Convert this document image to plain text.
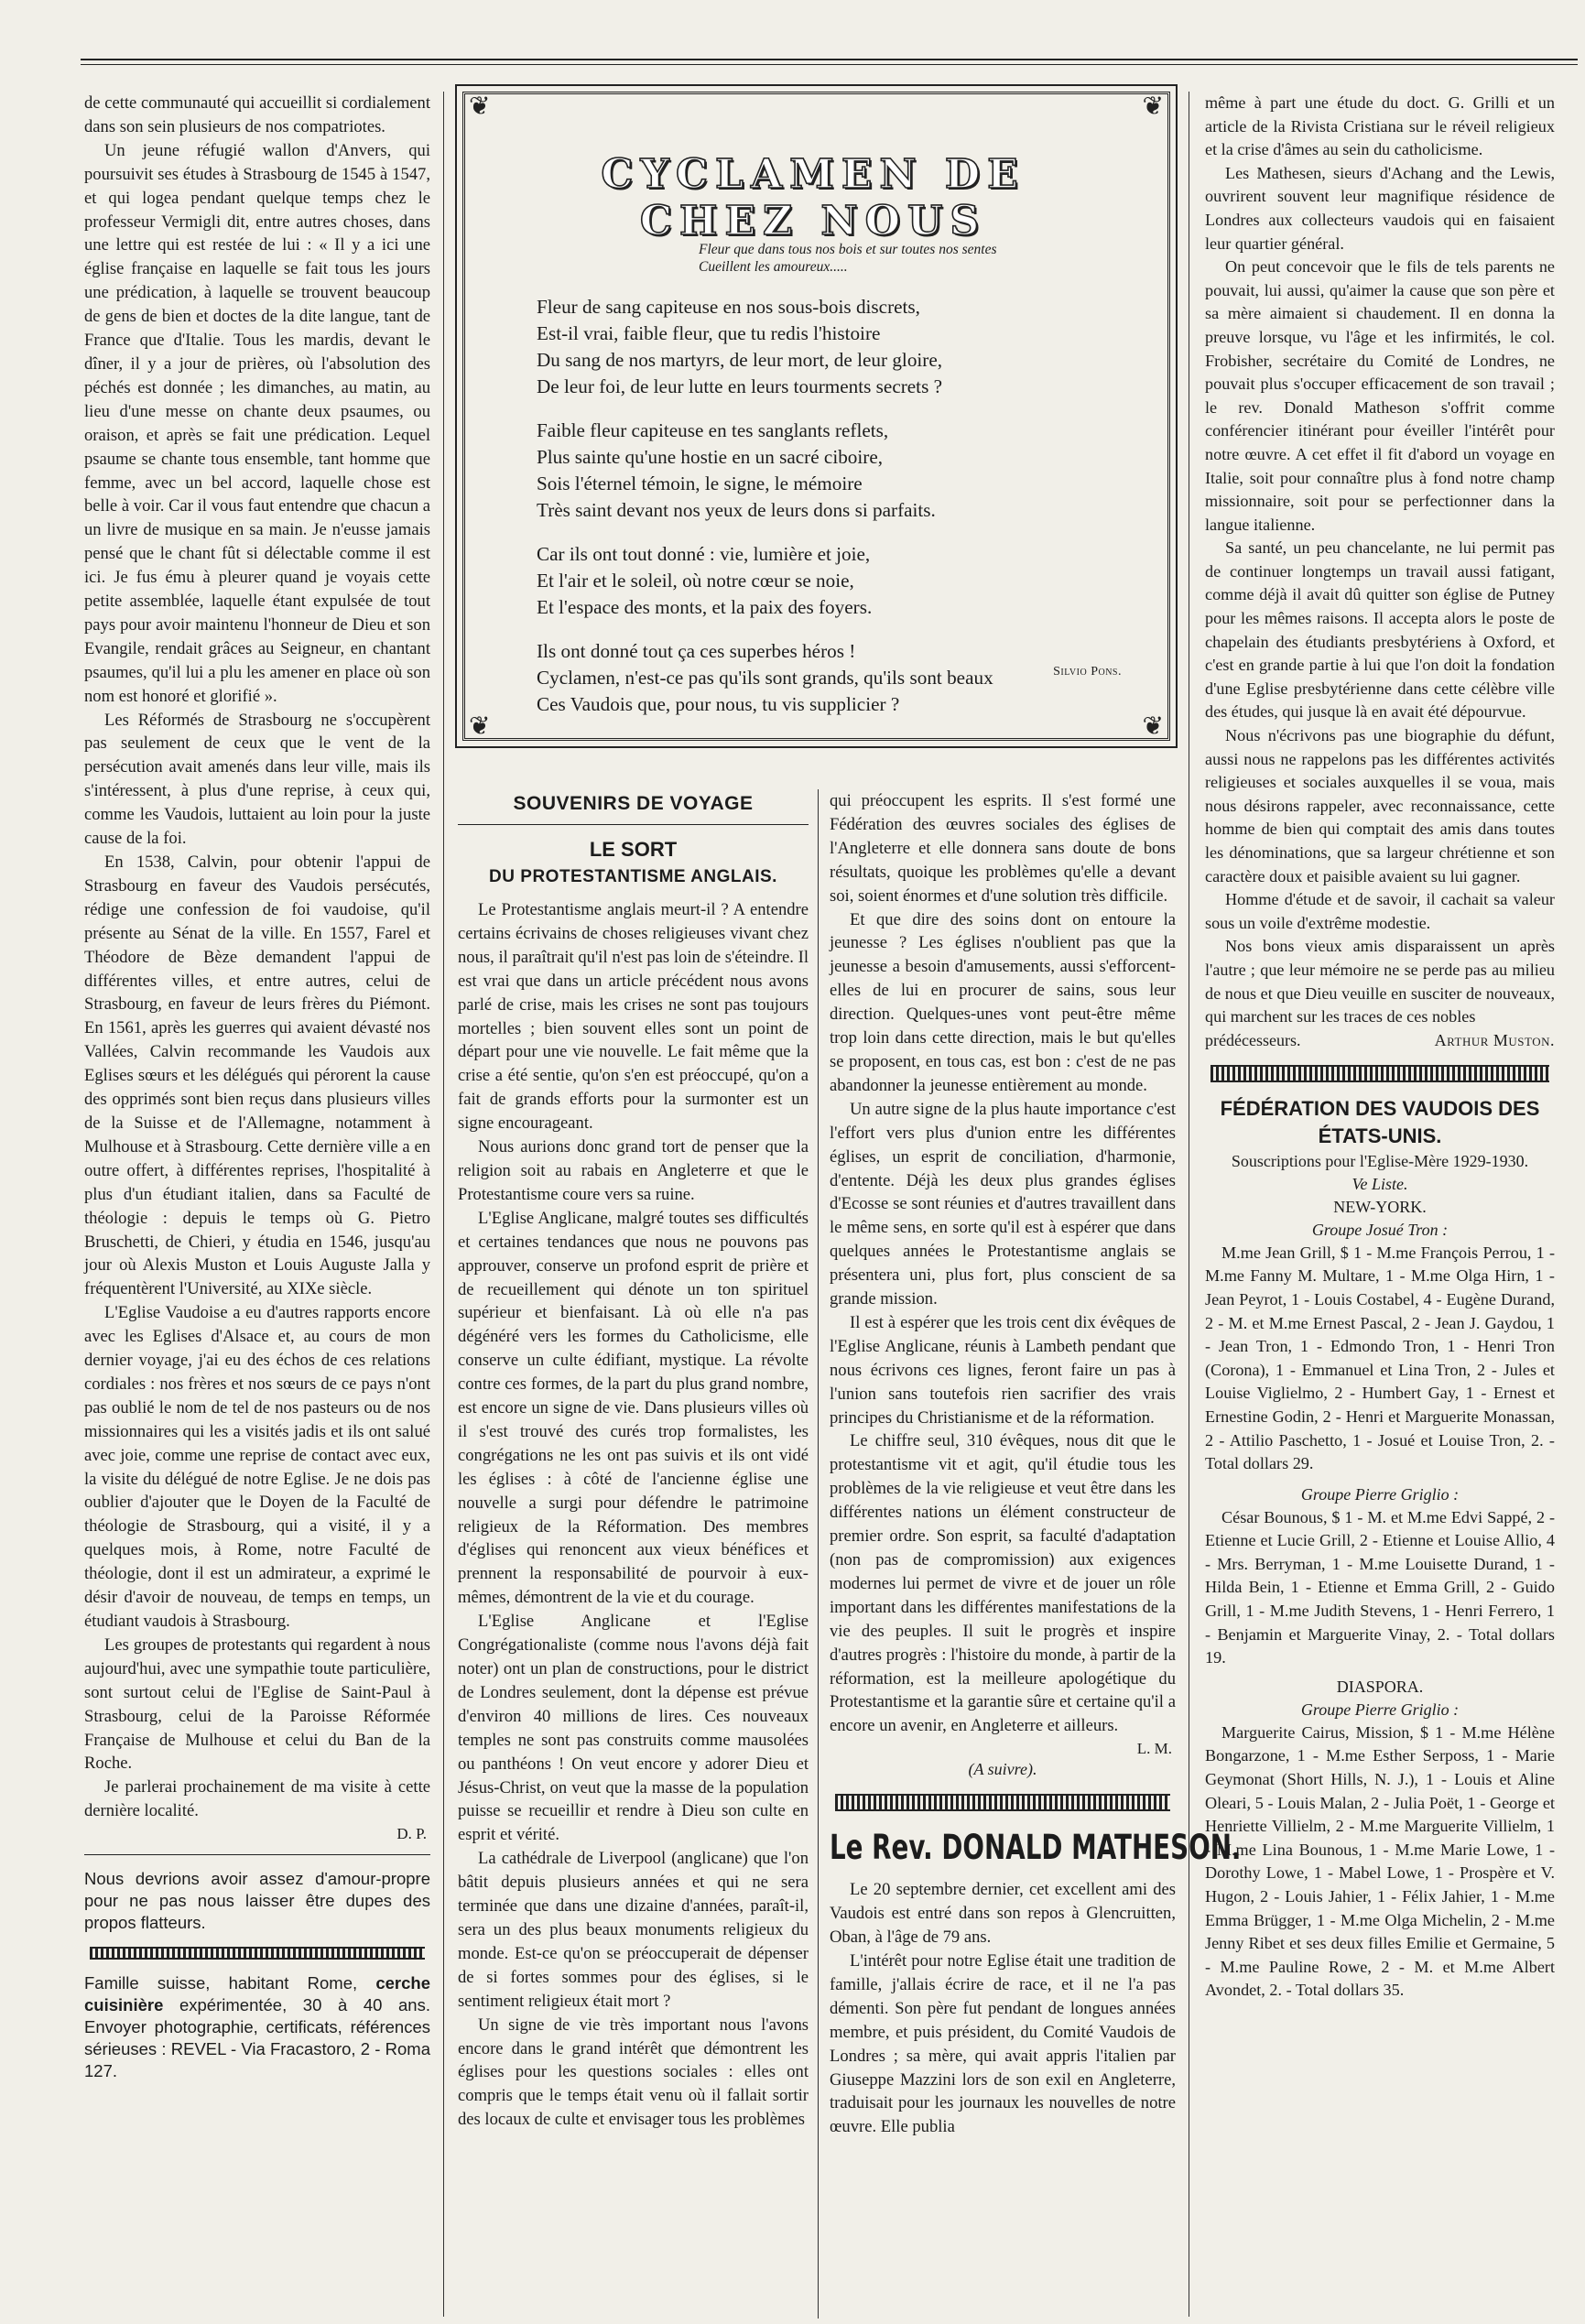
de cette communauté qui accueillit si cordialement dans son sein plusieurs de nos compatriotes.

Un jeune réfugié wallon d'Anvers, qui poursuivit ses études à Strasbourg de 1545 à 1547, et qui logea pendant quelque temps chez le professeur Vermigli dit, entre autres choses, dans une lettre qui est restée de lui : « Il y a ici une église française en laquelle se fait tous les jours une prédication, à laquelle se trouvent beaucoup de gens de bien et doctes de la dite langue, tant de France que d'Italie. Tous les mardis, devant le dîner, il y a jour de prières, où l'absolution des péchés est donnée ; les dimanches, au matin, au lieu d'une messe on chante deux psaumes, ou oraison, et après se fait une prédication. Lequel psaume se chante tous ensemble, tant homme que femme, avec un bel accord, laquelle chose est belle à voir. Car il vous faut entendre que chacun a un livre de musique en sa main. Je n'eusse jamais pensé que le chant fût si délectable comme il est ici. Je fus ému à pleurer quand je voyais cette petite assemblée, laquelle étant expulsée de tout pays pour avoir maintenu l'honneur de Dieu et son Evangile, rendait grâces au Seigneur, en chantant psaumes, qu'il lui a plu les amener en place où son nom est honoré et glorifié ».

Les Réformés de Strasbourg ne s'occupèrent pas seulement de ceux que le vent de la persécution avait amenés dans leur ville, mais ils s'intéressent, à plus d'une reprise, à ceux qui, comme les Vaudois, luttaient au loin pour la juste cause de la foi.

En 1538, Calvin, pour obtenir l'appui de Strasbourg en faveur des Vaudois persécutés, rédige une confession de foi vaudoise, qu'il présente au Sénat de la ville. En 1557, Farel et Théodore de Bèze demandent l'appui de différentes villes, et entre autres, celui de Strasbourg, en faveur de leurs frères du Piémont. En 1561, après les guerres qui avaient dévasté nos Vallées, Calvin recommande les Vaudois aux Eglises sœurs et les délégués qui pérorent la cause des opprimés sont bien reçus dans plusieurs villes de la Suisse et de l'Allemagne, notamment à Mulhouse et à Strasbourg. Cette dernière ville a en outre offert, à différentes reprises, l'hospitalité à plus d'un étudiant italien, dans sa Faculté de théologie : depuis le temps où G. Pietro Bruschetti, de Chieri, y étudia en 1546, jusqu'au jour où Alexis Muston et Louis Auguste Jalla y fréquentèrent l'Université, au XIXe siècle.

L'Eglise Vaudoise a eu d'autres rapports encore avec les Eglises d'Alsace et, au cours de mon dernier voyage, j'ai eu des échos de ces relations cordiales : nos frères et nos sœurs de ce pays n'ont pas oublié le nom de tel de nos pasteurs ou de nos missionnaires qui les a visités jadis et ils ont salué avec joie, comme une reprise de contact avec eux, la visite du délégué de notre Eglise. Je ne dois pas oublier d'ajouter que le Doyen de la Faculté de théologie de Strasbourg, qui a visité, il y a quelques mois, à Rome, notre Faculté de théologie, dont il est un admirateur, a exprimé le désir d'avoir de nouveau, de temps en temps, un étudiant vaudois à Strasbourg.

Les groupes de protestants qui regardent à nous aujourd'hui, avec une sympathie toute particulière, sont surtout celui de l'Eglise de Saint-Paul à Strasbourg, celui de la Paroisse Réformée Française de Mulhouse et celui du Ban de la Roche.

Je parlerai prochainement de ma visite à cette dernière localité.

D. P.
Nous devrions avoir assez d'amour-propre pour ne pas nous laisser être dupes des propos flatteurs.
Famille suisse, habitant Rome, cerche cuisinière expérimentée, 30 à 40 ans. Envoyer photographie, certificats, références sérieuses : REVEL - Via Fracastoro, 2 - Roma 127.
❦	❦
❦	❦
CYCLAMEN DE CHEZ NOUS
Fleur que dans tous nos bois et sur toutes nos sentes
Cueillent les amoureux.....
Fleur de sang capiteuse en nos sous-bois discrets,
Est-il vrai, faible fleur, que tu redis l'histoire
Du sang de nos martyrs, de leur mort, de leur gloire,
De leur foi, de leur lutte en leurs tourments secrets ?
Faible fleur capiteuse en tes sanglants reflets,
Plus sainte qu'une hostie en un sacré ciboire,
Sois l'éternel témoin, le signe, le mémoire
Très saint devant nos yeux de leurs dons si parfaits.
Car ils ont tout donné : vie, lumière et joie,
Et l'air et le soleil, où notre cœur se noie,
Et l'espace des monts, et la paix des foyers.
Ils ont donné tout ça ces superbes héros !
Cyclamen, n'est-ce pas qu'ils sont grands, qu'ils sont beaux
Ces Vaudois que, pour nous, tu vis supplicier ?
Silvio Pons.
SOUVENIRS DE VOYAGE
LE SORT
DU PROTESTANTISME ANGLAIS.

Le Protestantisme anglais meurt-il ? A entendre certains écrivains de choses religieuses vivant chez nous, il paraîtrait qu'il n'est pas loin de s'éteindre. Il est vrai que dans un article précédent nous avons parlé de crise, mais les crises ne sont pas toujours mortelles ; bien souvent elles sont un point de départ pour une vie nouvelle. Le fait même que la crise a été sentie, qu'on s'en est préoccupé, qu'on a fait de grands efforts pour la surmonter est un signe encourageant.

Nous aurions donc grand tort de penser que la religion soit au rabais en Angleterre et que le Protestantisme coure vers sa ruine.

L'Eglise Anglicane, malgré toutes ses difficultés et certaines tendances que nous ne pouvons pas approuver, conserve un profond esprit de prière et de recueillement qui dénote un ton spirituel supérieur et bienfaisant. Là où elle n'a pas dégénéré vers les formes du Catholicisme, elle conserve un culte édifiant, mystique. La révolte contre ces formes, de la part du plus grand nombre, est encore un signe de vie. Dans plusieurs villes où il s'est trouvé des curés trop formalistes, les congrégations ne les ont pas suivis et ils ont vidé les églises : à côté de l'ancienne église une nouvelle a surgi pour défendre le patrimoine religieux de la Réformation. Des membres d'églises qui renoncent aux vieux bénéfices et prennent la responsabilité de pourvoir à eux-mêmes, démontrent de la vie et du courage.

L'Eglise Anglicane et l'Eglise Congrégationaliste (comme nous l'avons déjà fait noter) ont un plan de constructions, pour le district de Londres seulement, dont la dépense est prévue d'environ 40 millions de lires. Ces nouveaux temples ne sont pas construits comme mausolées ou panthéons ! On veut encore y adorer Dieu et Jésus-Christ, on veut que la masse de la population puisse se recueillir et rendre à Dieu son culte en esprit et vérité.

La cathédrale de Liverpool (anglicane) que l'on bâtit depuis plusieurs années et qui ne sera terminée que dans une dizaine d'années, paraît-il, sera un des plus beaux monuments religieux du monde. Est-ce qu'on se préoccuperait de dépenser de si fortes sommes pour des églises, si le sentiment religieux était mort ?

Un signe de vie très important nous l'avons encore dans le grand intérêt que démontrent les églises pour les questions sociales : elles ont compris que le temps était venu où il fallait sortir des locaux de culte et envisager tous les problèmes

qui préoccupent les esprits. Il s'est formé une Fédération des œuvres sociales des églises de l'Angleterre et elle donnera sans doute de bons résultats, quoique les problèmes qu'elle a devant soi, soient énormes et d'une solution très difficile.

Et que dire des soins dont on entoure la jeunesse ? Les églises n'oublient pas que la jeunesse a besoin d'amusements, aussi s'efforcent-elles de lui en procurer de sains, sous leur direction. Quelques-unes vont peut-être même trop loin dans cette direction, mais le but qu'elles se proposent, en tous cas, est bon : c'est de ne pas abandonner la jeunesse entièrement au monde.

Un autre signe de la plus haute importance c'est l'effort vers plus d'union entre les différentes églises, un esprit de conciliation, d'harmonie, d'entente. Déjà les deux plus grandes églises d'Ecosse se sont réunies et d'autres travaillent dans le même sens, en sorte qu'il est à espérer que dans quelques années le Protestantisme anglais se présentera uni, plus fort, plus conscient de sa grande mission.

Il est à espérer que les trois cent dix évêques de l'Eglise Anglicane, réunis à Lambeth pendant que nous écrivons ces lignes, feront faire un pas à l'union sans toutefois rien sacrifier des vrais principes du Christianisme et de la réformation.

Le chiffre seul, 310 évêques, nous dit que le protestantisme vit et agit, qu'il étudie tous les problèmes de la vie religieuse et veut être dans les différentes nations un élément constructeur de premier ordre. Son esprit, sa faculté d'adaptation (non pas de compromission) aux exigences modernes lui permet de vivre et de jouer un rôle important dans les différentes manifestations de la vie des peuples. Il suit le progrès et inspire d'autres progrès : l'histoire du monde, à partir de la réformation, est la meilleure apologétique du Protestantisme et la garantie sûre et certaine qu'il a encore un avenir, en Angleterre et ailleurs.

L. M.
(A suivre).
Le Rev. DONALD MATHESON.

Le 20 septembre dernier, cet excellent ami des Vaudois est entré dans son repos à Glencruitten, Oban, à l'âge de 79 ans.

L'intérêt pour notre Eglise était une tradition de famille, j'allais écrire de race, et il ne l'a pas démenti. Son père fut pendant de longues années membre, et puis président, du Comité Vaudois de Londres ; sa mère, qui avait appris l'italien par Giuseppe Mazzini lors de son exil en Angleterre, traduisait pour les journaux les nouvelles de notre œuvre. Elle publia

même à part une étude du doct. G. Grilli et un article de la Rivista Cristiana sur le réveil religieux et la crise d'âmes au sein du catholicisme.

Les Mathesen, sieurs d'Achang and the Lewis, ouvrirent souvent leur magnifique résidence de Londres aux collecteurs vaudois qui en faisaient leur quartier général.

On peut concevoir que le fils de tels parents ne pouvait, lui aussi, qu'aimer la cause que son père et sa mère aimaient si chaudement. Il en donna la preuve lorsque, vu l'âge et les infirmités, le col. Frobisher, secrétaire du Comité de Londres, ne pouvait plus s'occuper efficacement de son travail ; le rev. Donald Matheson s'offrit comme conférencier itinérant pour éveiller l'intérêt pour notre œuvre. A cet effet il fit d'abord un voyage en Italie, soit pour connaître plus à fond notre champ missionnaire, soit pour se perfectionner dans la langue italienne.

Sa santé, un peu chancelante, ne lui permit pas de continuer longtemps un travail aussi fatigant, comme déjà il avait dû quitter son église de Putney pour les mêmes raisons. Il accepta alors le poste de chapelain des étudiants presbytériens à Oxford, et c'est en grande partie à lui que l'on doit la fondation d'une Eglise presbytérienne dans cette célèbre ville des études, qui jusque là en avait été dépourvue.

Nous n'écrivons pas une biographie du défunt, aussi nous ne rappelons pas les différentes activités religieuses et sociales auxquelles il se voua, mais nous désirons rappeler, avec reconnaissance, cette homme de bien qui comptait des amis dans toutes les dénominations, que sa largeur chrétienne et son caractère doux et paisible avaient su lui gagner.

Homme d'étude et de savoir, il cachait sa valeur sous un voile d'extrême modestie.

Nos bons vieux amis disparaissent un après l'autre ; que leur mémoire ne se perde pas au milieu de nous et que Dieu veuille en susciter de nouveaux, qui marchent sur les traces de ces nobles

prédécesseurs.	Arthur Muston.
FÉDÉRATION DES VAUDOIS DES ÉTATS-UNIS.
Souscriptions pour l'Eglise-Mère 1929-1930.
Ve Liste.
NEW-YORK.
Groupe Josué Tron :

M.me Jean Grill, $ 1 - M.me François Perrou, 1 - M.me Fanny M. Multare, 1 - M.me Olga Hirn, 1 - Jean Peyrot, 1 - Louis Costabel, 4 - Eugène Durand, 2 - M. et M.me Ernest Pascal, 2 - Jean J. Gaydou, 1 - Jean Tron, 1 - Edmondo Tron, 1 - Henri Tron (Corona), 1 - Emmanuel et Lina Tron, 2 - Jules et Louise Viglielmo, 2 - Humbert Gay, 1 - Ernest et Ernestine Godin, 2 - Henri et Marguerite Monassan, 2 - Attilio Paschetto, 1 - Josué et Louise Tron, 2. - Total dollars 29.

Groupe Pierre Griglio :

César Bounous, $ 1 - M. et M.me Edvi Sappé, 2 - Etienne et Lucie Grill, 2 - Etienne et Louise Allio, 4 - Mrs. Berryman, 1 - M.me Louisette Durand, 1 - Hilda Bein, 1 - Etienne et Emma Grill, 2 - Guido Grill, 1 - M.me Judith Stevens, 1 - Henri Ferrero, 1 - Benjamin et Marguerite Vinay, 2. - Total dollars 19.

DIASPORA.
Groupe Pierre Griglio :

Marguerite Cairus, Mission, $ 1 - M.me Hélène Bongarzone, 1 - M.me Esther Serposs, 1 - Marie Geymonat (Short Hills, N. J.), 1 - Louis et Aline Oleari, 5 - Louis Malan, 2 - Julia Poët, 1 - George et Henriette Villielm, 2 - M.me Marguerite Villielm, 1 - M.me Lina Bounous, 1 - M.me Marie Lowe, 1 - Dorothy Lowe, 1 - Mabel Lowe, 1 - Prospère et V. Hugon, 2 - Louis Jahier, 1 - Félix Jahier, 1 - M.me Emma Brügger, 1 - M.me Olga Michelin, 2 - M.me Jenny Ribet et ses deux filles Emilie et Germaine, 5 - M.me Pauline Rowe, 2 - M. et M.me Albert Avondet, 2. - Total dollars 35.
